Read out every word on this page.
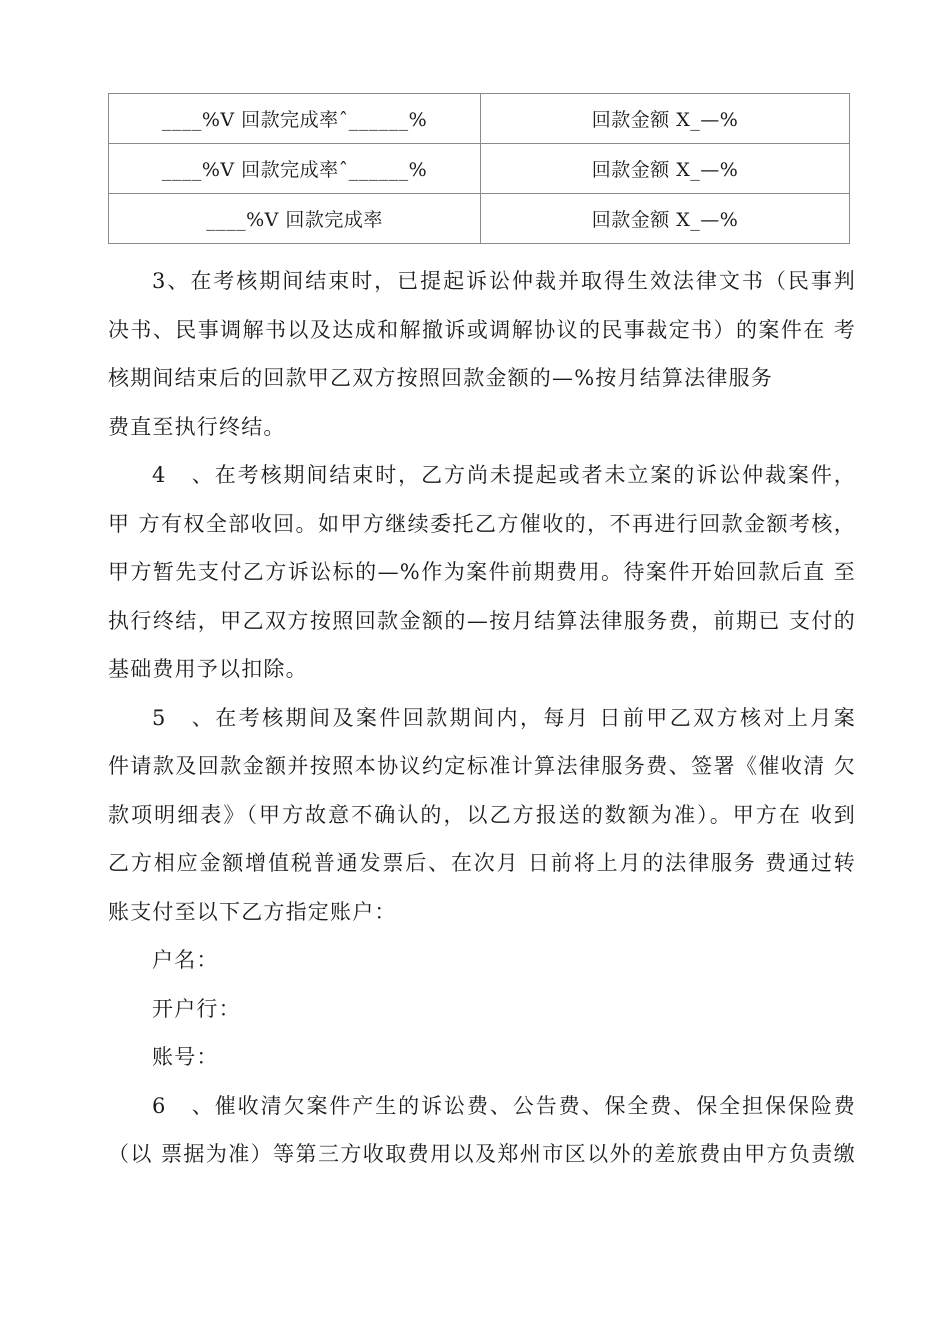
____%V 回款完成率ˆ______%	回款金额 X_—%
____%V 回款完成率ˆ______%	回款金额 X_—%
____%V 回款完成率	回款金额 X_—%

3、在考核期间结束时，已提起诉讼仲裁并取得生效法律文书（民事判

决书、民事调解书以及达成和解撤诉或调解协议的民事裁定书）的案件在 考

核期间结束后的回款甲乙双方按照回款金额的—%按月结算法律服务

费直至执行终结。

4、在考核期间结束时，乙方尚未提起或者未立案的诉讼仲裁案件，

甲 方有权全部收回。如甲方继续委托乙方催收的，不再进行回款金额考核，

甲方暂先支付乙方诉讼标的—%作为案件前期费用。待案件开始回款后直 至

执行终结，甲乙双方按照回款金额的—按月结算法律服务费，前期已 支付的

基础费用予以扣除。

5、在考核期间及案件回款期间内，每月 日前甲乙双方核对上月案

件请款及回款金额并按照本协议约定标准计算法律服务费、签署《催收清 欠

款项明细表》（甲方故意不确认的，以乙方报送的数额为准）。甲方在 收到

乙方相应金额增值税普通发票后、在次月 日前将上月的法律服务 费通过转

账支付至以下乙方指定账户：

户名：

开户行：

账号：

6、催收清欠案件产生的诉讼费、公告费、保全费、保全担保保险费

（以 票据为准）等第三方收取费用以及郑州市区以外的差旅费由甲方负责缴
